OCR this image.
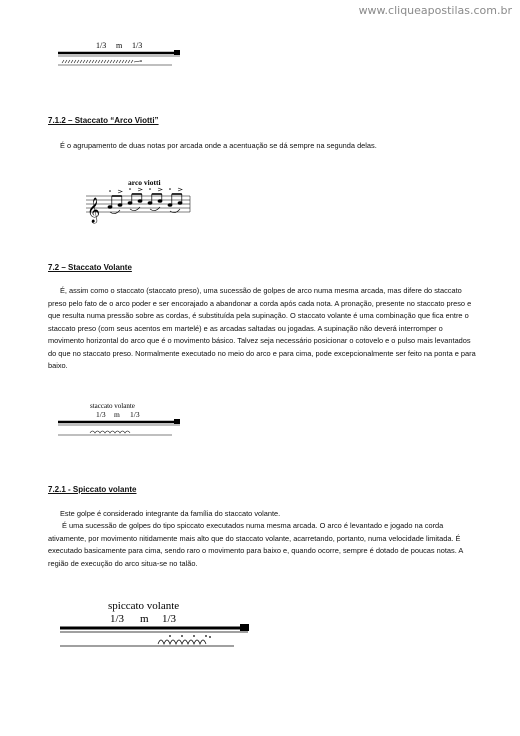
www.cliqueapostilas.com.br
1/3 m 1/3
7.1.2 – Staccato “Arco Viotti”

É o agrupamento de duas notas por arcada onde a acentuação se dá sempre na segunda delas.

arco viotti
𝄞
7.2 – Staccato Volante

É, assim como o staccato (staccato preso), uma sucessão de golpes de arco numa mesma arcada, mas difere do staccato preso pelo fato de o arco poder e ser encorajado a abandonar a corda após cada nota. A pronação, presente no staccato preso e que resulta numa pressão sobre as cordas, é substituída pela supinação. O staccato volante é uma combinação que fica entre o staccato preso (com seus acentos em martelé) e as arcadas saltadas ou jogadas. A supinação não deverá interromper o movimento horizontal do arco que é o movimento básico. Talvez seja necessário posicionar o cotovelo e o pulso mais levantados do que no staccato preso. Normalmente executado no meio do arco e para cima, pode excepcionalmente ser feito na ponta e para baixo.

staccato volante
1/3 m 1/3
7.2.1 - Spiccato volante

Este golpe é considerado integrante da família do staccato volante.

É uma sucessão de golpes do tipo spiccato executados numa mesma arcada. O arco é levantado e jogado na corda ativamente, por movimento nitidamente mais alto que do staccato volante, acarretando, portanto, numa velocidade limitada. É executado basicamente para cima, sendo raro o movimento para baixo e, quando ocorre, sempre é dotado de poucas notas. A região de execução do arco situa-se no talão.

spiccato volante
1/3 m 1/3
